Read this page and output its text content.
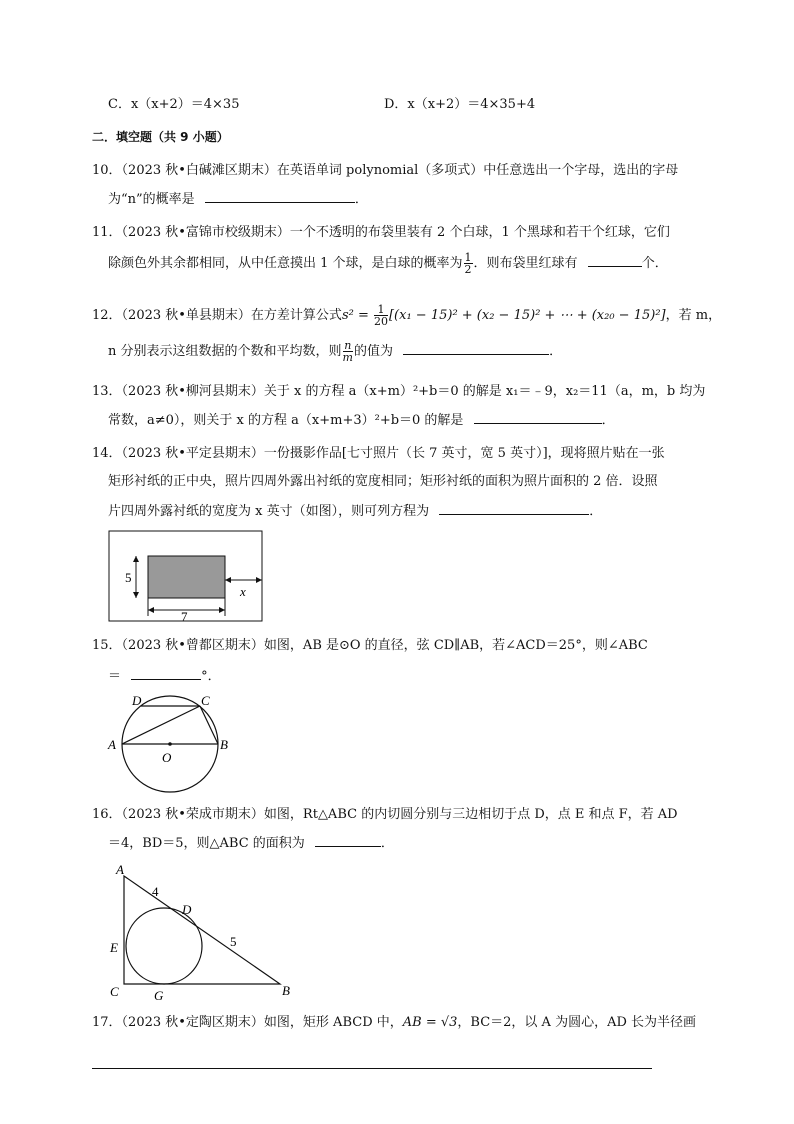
C．x（x+2）＝4×35	D．x（x+2）＝4×35+4
二．填空题（共 9 小题）
10．（2023 秋•白碱滩区期末）在英语单词 polynomial（多项式）中任意选出一个字母，选出的字母
为“n”的概率是	．
11．（2023 秋•富锦市校级期末）一个不透明的布袋里装有 2 个白球，1 个黑球和若干个红球，它们
除颜色外其余都相同，从中任意摸出 1 个球，是白球的概率为 $\frac{1}{2}$ ．则布袋里红球有	个．
12．（2023 秋•单县期末）在方差计算公式$s^2 = \frac{1}{20} [(x_1 - 15)^2 + (x_2 - 15)^2$ + ⋯ + (x₂₀ − 15)²]，若 m，
n 分别表示这组数据的个数和平均数，则 $\frac{n}{m}$ 的值为	．
13．（2023 秋•柳河县期末）关于 x 的方程 a（x+m）²+b＝0 的解是 x₁＝﹣9，x₂＝11（a，m，b 均为
常数，a≠0），则关于 x 的方程 a（x+m+3）²+b＝0 的解是	．
14．（2023 秋•平定县期末）一份摄影作品[七寸照片（长 7 英寸，宽 5 英寸）]，现将照片贴在一张
矩形衬纸的正中央，照片四周外露出衬纸的宽度相同；矩形衬纸的面积为照片面积的 2 倍．设照
片四周外露衬纸的宽度为 x 英寸（如图），则可列方程为	．
5
7
x
15．（2023 秋•曾都区期末）如图，AB 是⊙O 的直径，弦 CD∥AB，若∠ACD＝25°，则∠ABC
＝	°．
D	C
A	B
O
16．（2023 秋•荣成市期末）如图，Rt△ABC 的内切圆分别与三边相切于点 D，点 E 和点 F，若 AD
＝4，BD＝5，则△ABC 的面积为	．
A
B
C
D
E
G
4
5
17．（2023 秋•定陶区期末）如图，矩形 ABCD 中，AB = √3，BC＝2，以 A 为圆心，AD 长为半径画
